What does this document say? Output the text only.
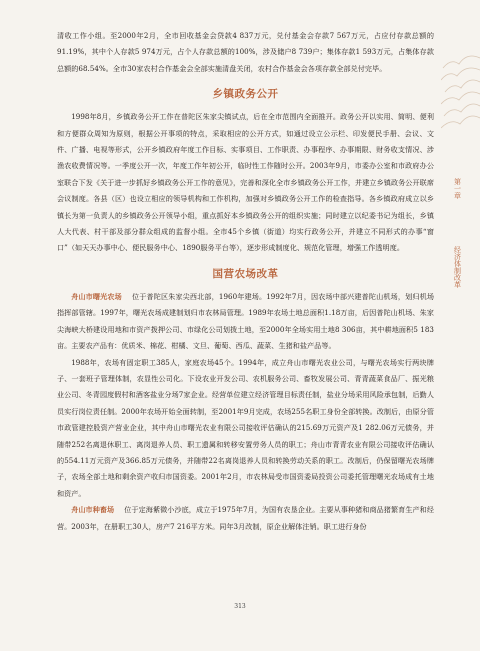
清收工作小组。至2000年2月，全市回收基金会贷款4 837万元，兑付基金会存款7 567万元，占应付存款总额的91.19%，其中个人存款5 974万元，占个人存款总额的100%，涉及储户8 739户；集体存款1 593万元，占集体存款总额的68.54%。全市30家农村合作基金会全部实施清盘关闭，农村合作基金会各项存款全部兑付完毕。

乡镇政务公开

1998年8月，乡镇政务公开工作在普陀区朱家尖镇试点，后在全市范围内全面推开。政务公开以实用、简明、便利和方便群众周知为原则，根据公开事项的特点，采取相应的公开方式，如通过设立公示栏、印发便民手册、会议、文件、广播、电视等形式，公开乡镇政府年度工作目标、实事项目、工作职责、办事程序、办事期限、财务收支情况、涉渔农收费情况等。一季度公开一次，年度工作年初公开，临时性工作随时公开。2003年9月，市委办公室和市政府办公室联合下发《关于进一步抓好乡镇政务公开工作的意见》，完善和深化全市乡镇政务公开工作，并建立乡镇政务公开联席会议制度。各县（区）也设立相应的领导机构和工作机构，加强对乡镇政务公开工作的检查指导。各乡镇政府成立以乡镇长为第一负责人的乡镇政务公开领导小组，重点抓好本乡镇政务公开的组织实施；同时建立以纪委书记为组长，乡镇人大代表、村干部及部分群众组成的监督小组。全市45个乡镇（街道）均实行政务公开，并建立不同形式的办事“窗口”（如天天办事中心、便民服务中心、1890服务平台等），逐步形成制度化、规范化管理，增强工作透明度。

国营农场改革

舟山市曙光农场 位于普陀区朱家尖西北部，1960年建场。1992年7月，因农场中部兴建普陀山机场，划归机场指挥部管辖。1997年，曙光农场成建制划归市农林局管理。1989年农场土地总面积1.18万亩，后因普陀山机场、朱家尖海峡大桥建设用地和市资产拨押公司、市绿化公司划拨土地，至2000年全场实用土地8 306亩，其中耕地面积5 183亩。主要农产品有：优质米、棉花、柑橘、文旦、葡萄、西瓜、蔬菜、生猪和盐产品等。

1988年，农场有固定职工385人，家庭农场45个。1994年，成立舟山市曙光农业公司，与曙光农场实行两块牌子、一套班子管理体制，农显性公司化。下设农业开发公司、农机服务公司、畜牧发展公司、青青蔬菜食品厂、振光粮业公司、冬青园度假村和酒客盐业分场7家企业。经营单位建立经济管理目标责任制，盐业分场采用风险承包制，后勤人员实行岗位责任制。2000年农场开始全面转制，至2001年9月完成，农场255名职工身份全部转换。改制后，由原分管市政管建控股资产营业企业，其中舟山市曙光农业有限公司接收评估确认的215.69万元资产及1 282.06万元债务，并随带252名离退休职工、离岗退养人员、职工遗属和转移安置劳务人员的职工；舟山市青青农业有限公司接收评估确认的554.11万元资产及366.85万元债务，并随带22名离岗退养人员和转换劳动关系的职工。改制后，仍保留曙光农场牌子，农场全部土地和剩余资产收归市国资委。2001年2月，市农林局受市国资委局投资公司委托管理曙光农场成有土地和资产。

舟山市种畜场 位于定海紫微小沙底，成立于1975年7月，为国有农垦企业。主要从事种猪和商品猪繁育生产和经营。2003年，在册职工30人，房产7 216平方米。同年3月改制，原企业解体注销。职工进行身份

第一章
经济体制改革
313
